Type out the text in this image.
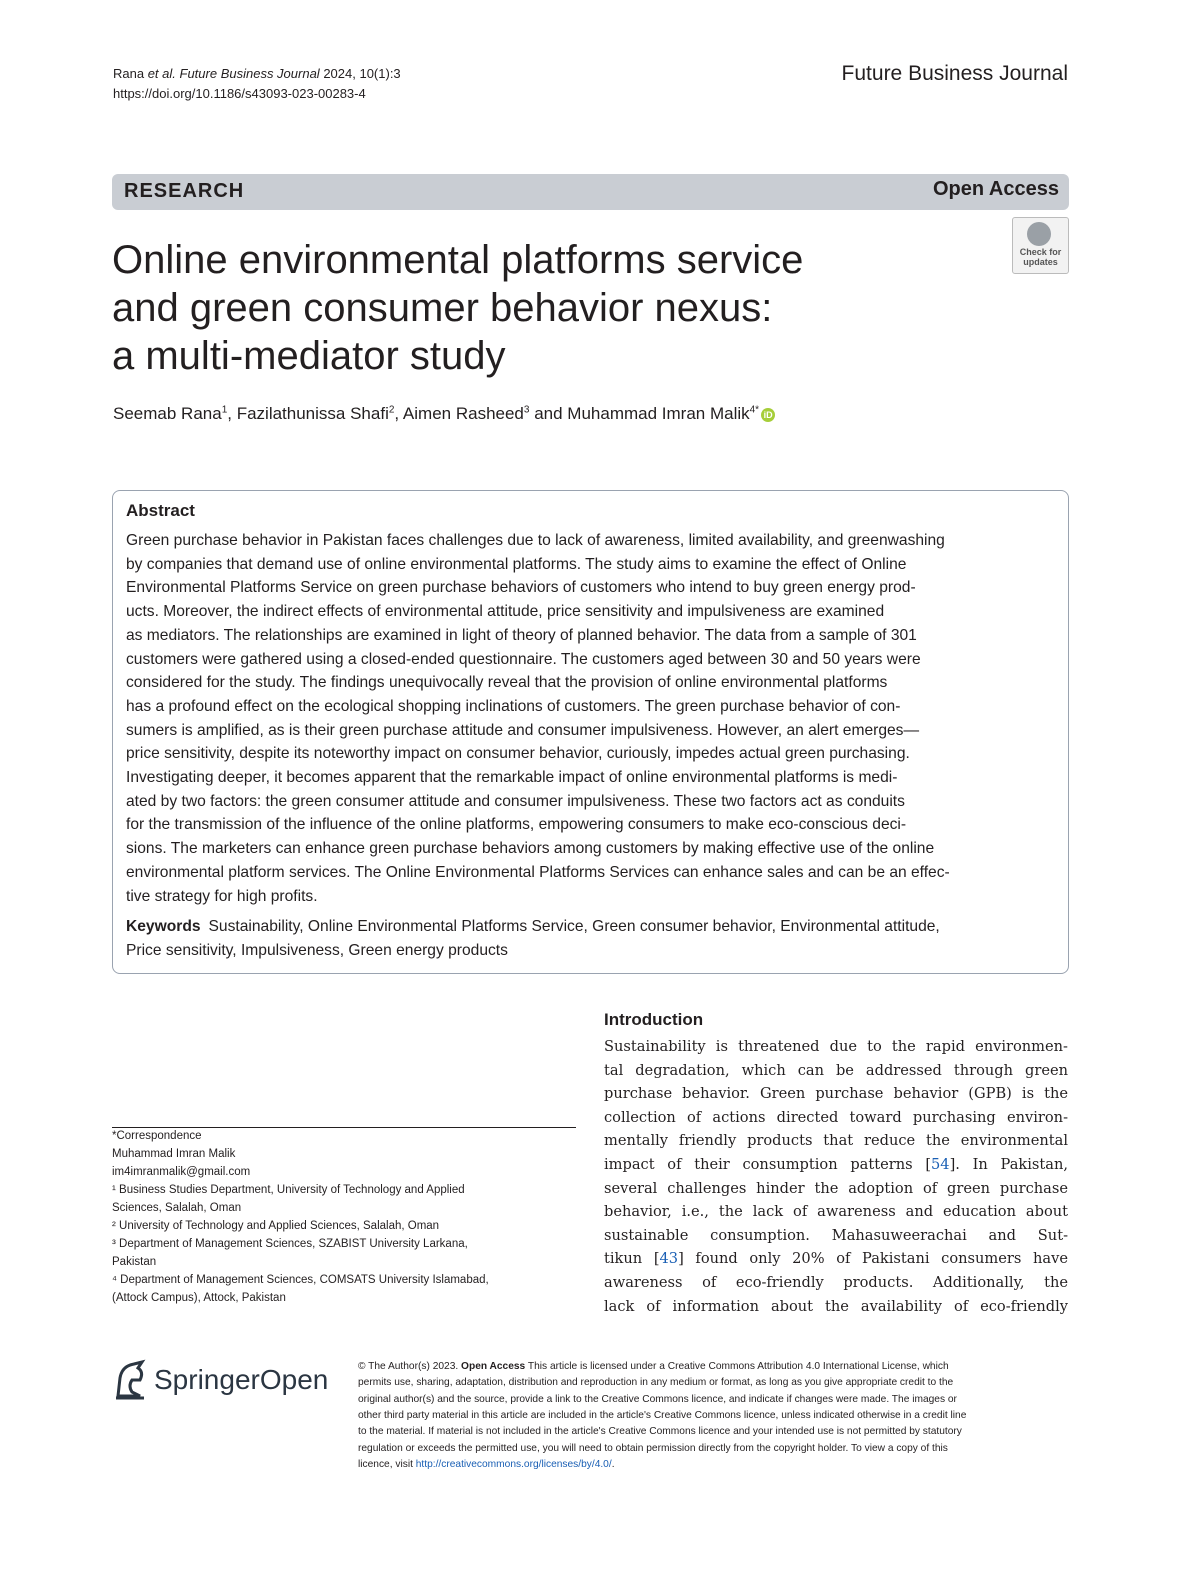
Rana et al. Future Business Journal 2024, 10(1):3
https://doi.org/10.1186/s43093-023-00283-4
Future Business Journal
RESEARCH	Open Access
Check for updates
Online environmental platforms service
and green consumer behavior nexus:
a multi-mediator study
Seemab Rana$^1$, Fazilathunissa Shafi$^2$, Aimen Rasheed$^3$ and Muhammad Imran Malik$^{4*}$ iD
Abstract
Green purchase behavior in Pakistan faces challenges due to lack of awareness, limited availability, and greenwashing
by companies that demand use of online environmental platforms. The study aims to examine the effect of Online
Environmental Platforms Service on green purchase behaviors of customers who intend to buy green energy prod-
ucts. Moreover, the indirect effects of environmental attitude, price sensitivity and impulsiveness are examined
as mediators. The relationships are examined in light of theory of planned behavior. The data from a sample of 301
customers were gathered using a closed-ended questionnaire. The customers aged between 30 and 50 years were
considered for the study. The findings unequivocally reveal that the provision of online environmental platforms
has a profound effect on the ecological shopping inclinations of customers. The green purchase behavior of con-
sumers is amplified, as is their green purchase attitude and consumer impulsiveness. However, an alert emerges—
price sensitivity, despite its noteworthy impact on consumer behavior, curiously, impedes actual green purchasing.
Investigating deeper, it becomes apparent that the remarkable impact of online environmental platforms is medi-
ated by two factors: the green consumer attitude and consumer impulsiveness. These two factors act as conduits
for the transmission of the influence of the online platforms, empowering consumers to make eco-conscious deci-
sions. The marketers can enhance green purchase behaviors among customers by making effective use of the online
environmental platform services. The Online Environmental Platforms Services can enhance sales and can be an effec-
tive strategy for high profits.
Keywords Sustainability, Online Environmental Platforms Service, Green consumer behavior, Environmental attitude,
Price sensitivity, Impulsiveness, Green energy products
*Correspondence
Muhammad Imran Malik
im4imranmalik@gmail.com
¹ Business Studies Department, University of Technology and Applied
Sciences, Salalah, Oman
² University of Technology and Applied Sciences, Salalah, Oman
³ Department of Management Sciences, SZABIST University Larkana,
Pakistan
⁴ Department of Management Sciences, COMSATS University Islamabad,
(Attock Campus), Attock, Pakistan
Introduction
Sustainability is threatened due to the rapid environmen-
tal degradation, which can be addressed through green
purchase behavior. Green purchase behavior (GPB) is the
collection of actions directed toward purchasing environ-
mentally friendly products that reduce the environmental
impact of their consumption patterns [54]. In Pakistan,
several challenges hinder the adoption of green purchase
behavior, i.e., the lack of awareness and education about
sustainable consumption. Mahasuweerachai and Sut-
tikun [43] found only 20% of Pakistani consumers have
awareness of eco-friendly products. Additionally, the
lack of information about the availability of eco-friendly
SpringerOpen	© The Author(s) 2023. Open Access This article is licensed under a Creative Commons Attribution 4.0 International License, which
permits use, sharing, adaptation, distribution and reproduction in any medium or format, as long as you give appropriate credit to the
original author(s) and the source, provide a link to the Creative Commons licence, and indicate if changes were made. The images or
other third party material in this article are included in the article's Creative Commons licence, unless indicated otherwise in a credit line
to the material. If material is not included in the article's Creative Commons licence and your intended use is not permitted by statutory
regulation or exceeds the permitted use, you will need to obtain permission directly from the copyright holder. To view a copy of this
licence, visit http://creativecommons.org/licenses/by/4.0/.
